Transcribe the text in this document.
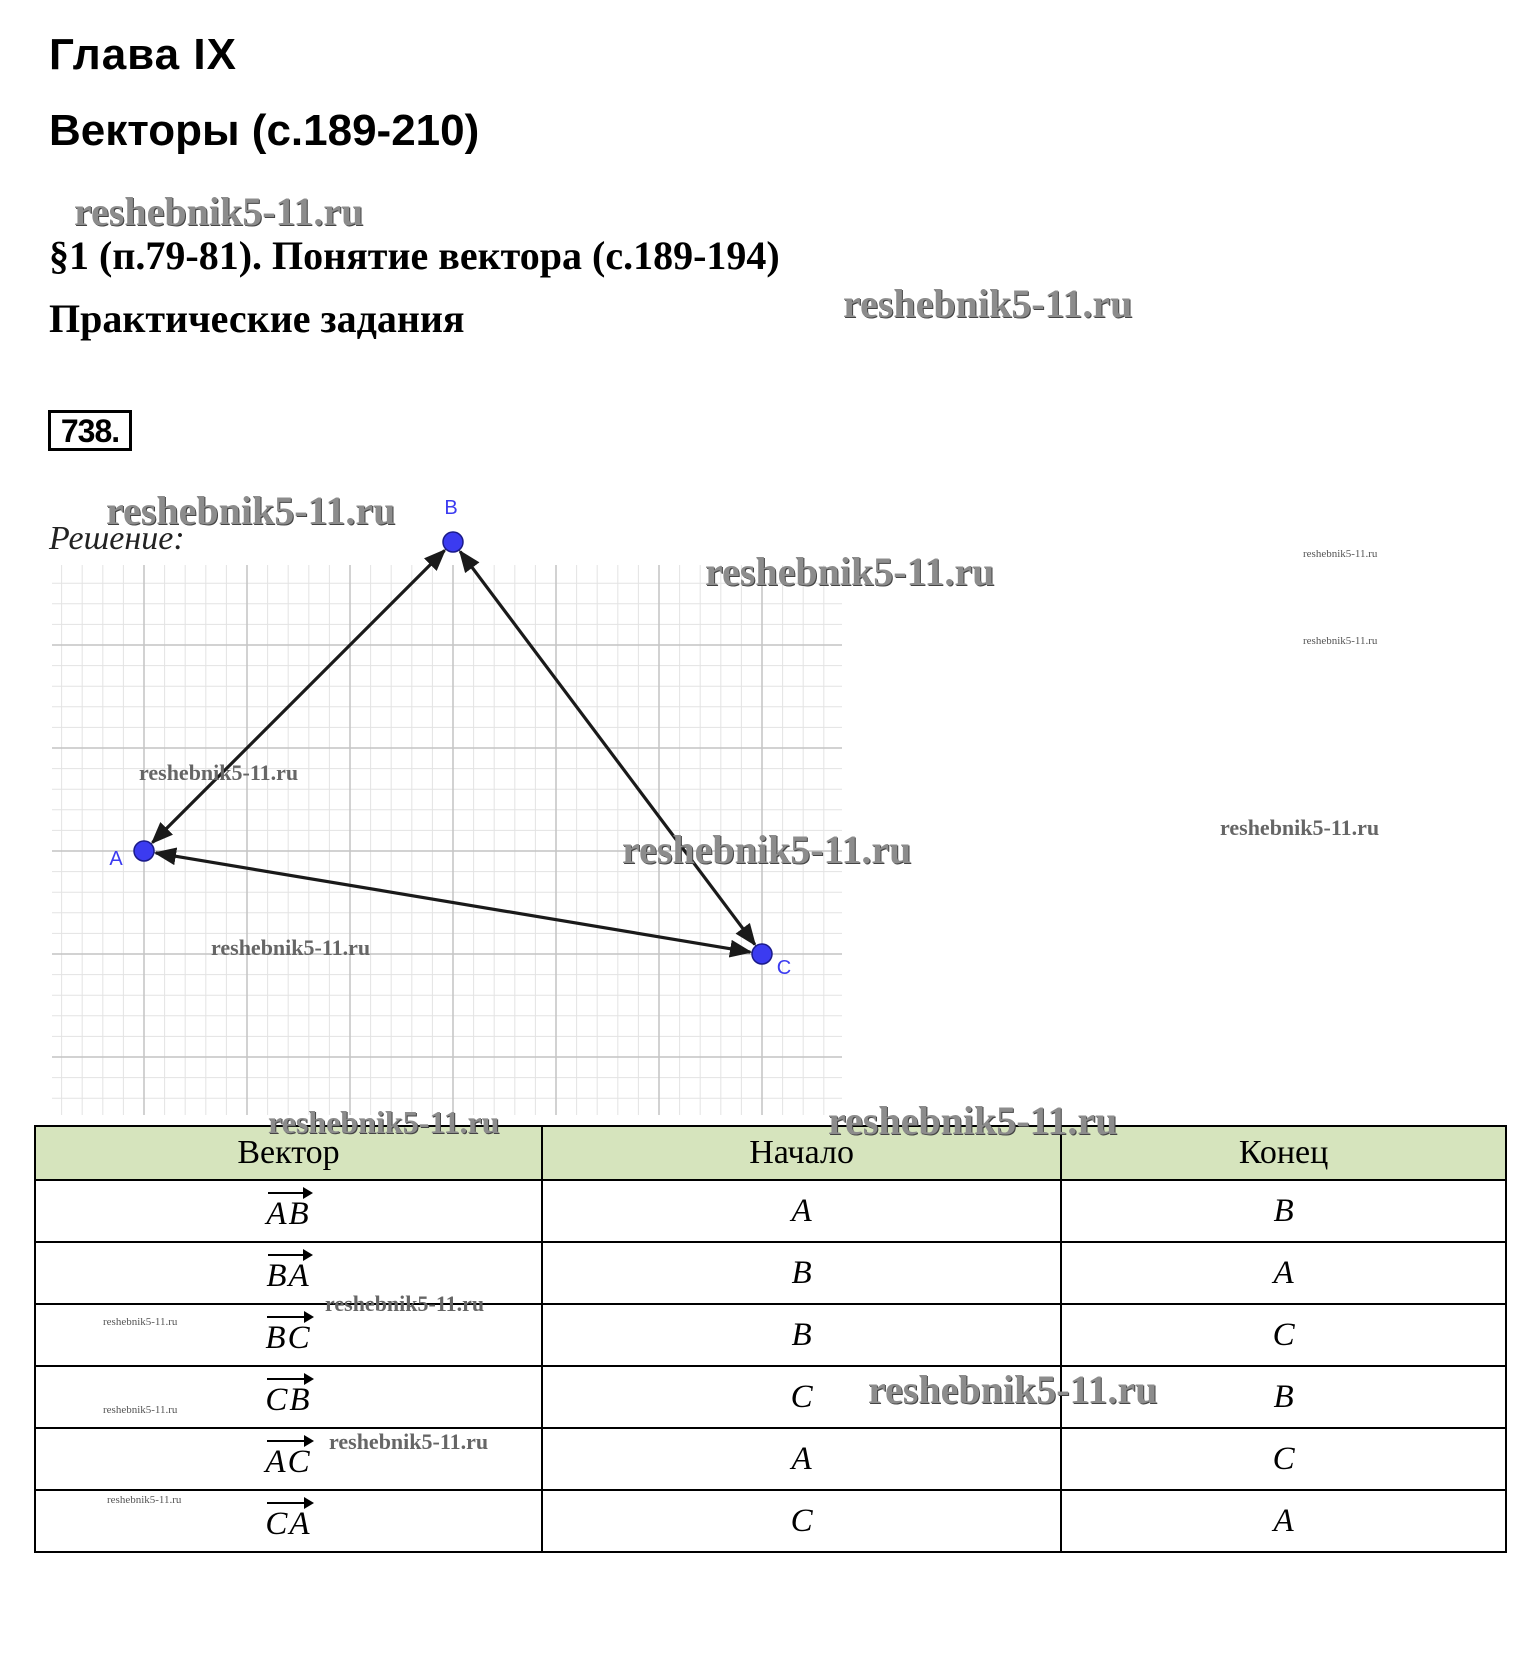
Глава IX
Векторы (с.189-210)
§1 (п.79-81). Понятие вектора (с.189-194)
Практические задания
738.
Решение:
A
B
C
Вектор	Начало	Конец

AB	A	B

BA	B	A

BC	B	C

CB	C	B

AC	A	C

CA	C	A
reshebnik5-11.ru
reshebnik5-11.ru
reshebnik5-11.ru
reshebnik5-11.ru	reshebnik5-11.ru
reshebnik5-11.ru
reshebnik5-11.ru
reshebnik5-11.ru	reshebnik5-11.ru
reshebnik5-11.ru
reshebnik5-11.ru	reshebnik5-11.ru
reshebnik5-11.ru
reshebnik5-11.ru
reshebnik5-11.ru
reshebnik5-11.ru
reshebnik5-11.ru
reshebnik5-11.ru
